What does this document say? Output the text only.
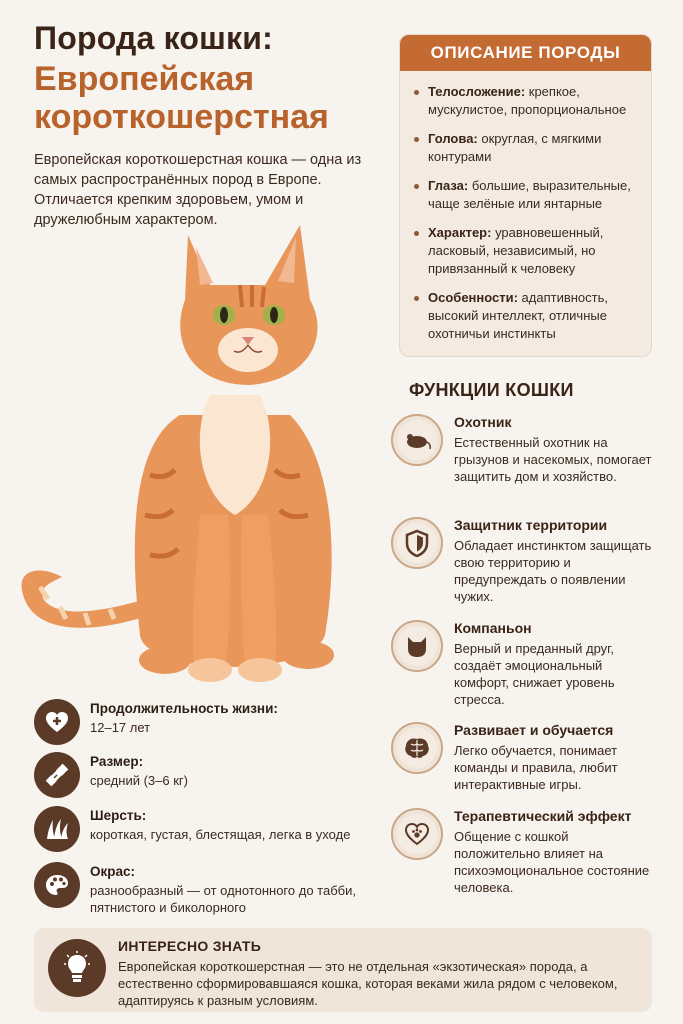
Порода кошки:
Европейская короткошерстная
Европейская короткошерстная кошка — одна из самых распространённых пород в Европе. Отличается крепким здоровьем, умом и дружелюбным характером.
ОПИСАНИЕ ПОРОДЫ
Телосложение: крепкое, мускулистое, пропорциональное
Голова: округлая, с мягкими контурами
Глаза: большие, выразительные, чаще зелёные или янтарные
Характер: уравновешенный, ласковый, независимый, но привязанный к человеку
Особенности: адаптивность, высокий интеллект, отличные охотничьи инстинкты
ФУНКЦИИ КОШКИ
Охотник
Естественный охотник на грызунов и насекомых, помогает защитить дом и хозяйство.
Защитник территории
Обладает инстинктом защищать свою территорию и предупреждать о появлении чужих.
Компаньон
Верный и преданный друг, создаёт эмоциональный комфорт, снижает уровень стресса.
Развивает и обучается
Легко обучается, понимает команды и правила, любит интерактивные игры.
Терапевтический эффект
Общение с кошкой положительно влияет на психоэмоциональное состояние человека.
Продолжительность жизни:
12–17 лет
Размер:
средний (3–6 кг)
Шерсть:
короткая, густая, блестящая, легка в уходе
Окрас:
разнообразный — от однотонного до табби, пятнистого и биколорного
ИНТЕРЕСНО ЗНАТЬ
Европейская короткошерстная — это не отдельная «экзотическая» порода, а естественно сформировавшаяся кошка, которая веками жила рядом с человеком, адаптируясь к разным условиям.
